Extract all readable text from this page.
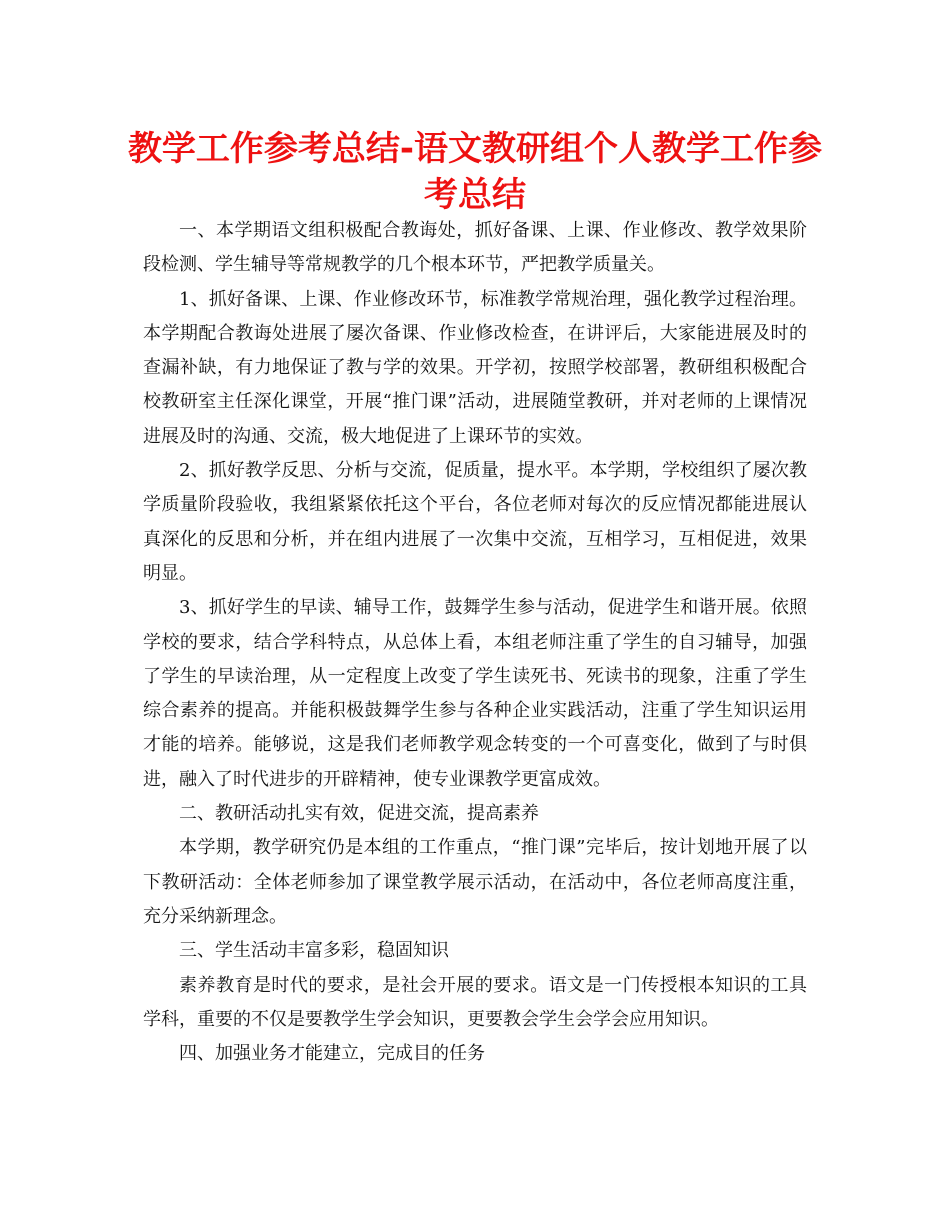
教学工作参考总结-语文教研组个人教学工作参考总结

一、本学期语文组积极配合教诲处，抓好备课、上课、作业修改、教学效果阶段检测、学生辅导等常规教学的几个根本环节，严把教学质量关。

1、抓好备课、上课、作业修改环节，标准教学常规治理，强化教学过程治理。本学期配合教诲处进展了屡次备课、作业修改检查，在讲评后，大家能进展及时的查漏补缺，有力地保证了教与学的效果。开学初，按照学校部署，教研组积极配合校教研室主任深化课堂，开展“推门课”活动，进展随堂教研，并对老师的上课情况进展及时的沟通、交流，极大地促进了上课环节的实效。

2、抓好教学反思、分析与交流，促质量，提水平。本学期，学校组织了屡次教学质量阶段验收，我组紧紧依托这个平台，各位老师对每次的反应情况都能进展认真深化的反思和分析，并在组内进展了一次集中交流，互相学习，互相促进，效果明显。

3、抓好学生的早读、辅导工作，鼓舞学生参与活动，促进学生和谐开展。依照学校的要求，结合学科特点，从总体上看，本组老师注重了学生的自习辅导，加强了学生的早读治理，从一定程度上改变了学生读死书、死读书的现象，注重了学生综合素养的提高。并能积极鼓舞学生参与各种企业实践活动，注重了学生知识运用才能的培养。能够说，这是我们老师教学观念转变的一个可喜变化，做到了与时俱进，融入了时代进步的开辟精神，使专业课教学更富成效。

二、教研活动扎实有效，促进交流，提高素养

本学期，教学研究仍是本组的工作重点，“推门课”完毕后，按计划地开展了以下教研活动：全体老师参加了课堂教学展示活动，在活动中，各位老师高度注重，充分采纳新理念。

三、学生活动丰富多彩，稳固知识

素养教育是时代的要求，是社会开展的要求。语文是一门传授根本知识的工具学科，重要的不仅是要教学生学会知识，更要教会学生会学会应用知识。

四、加强业务才能建立，完成目的任务
